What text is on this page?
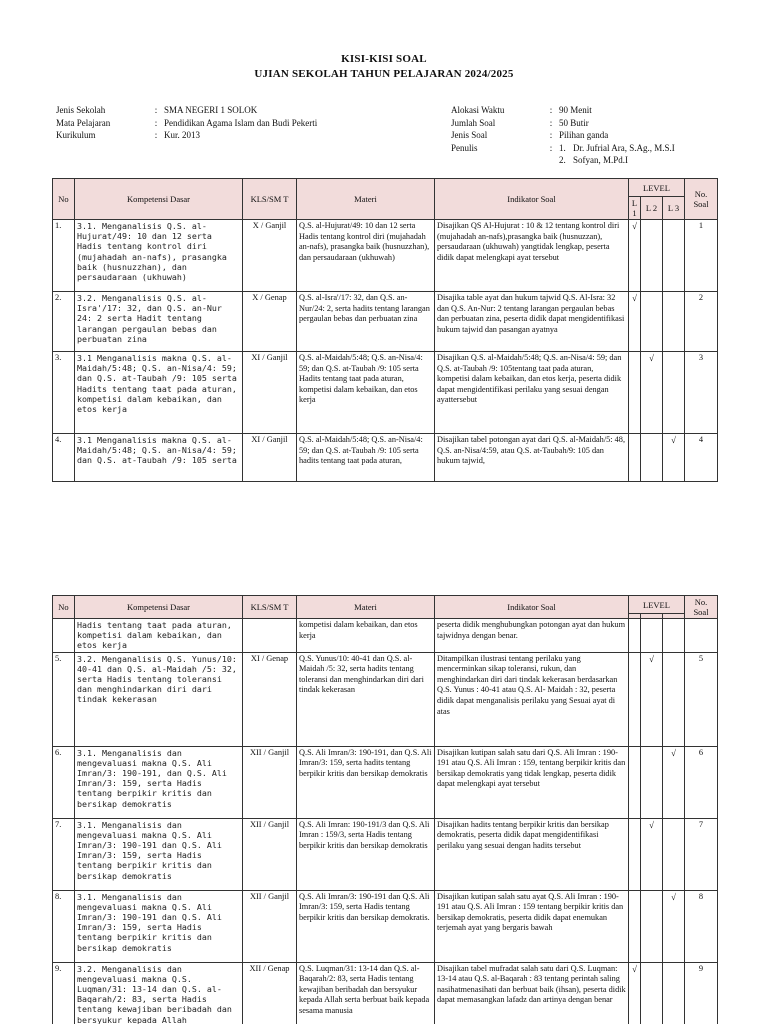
KISI-KISI SOAL
UJIAN SEKOLAH TAHUN PELAJARAN 2024/2025
Jenis Sekolah	:	SMA NEGERI 1 SOLOK
Mata Pelajaran	:	Pendidikan Agama Islam dan Budi Pekerti
Kurikulum	:	Kur. 2013
Alokasi Waktu	:	90 Menit
Jumlah Soal	:	50 Butir
Jenis Soal	:	Pilihan ganda
Penulis	:	1. Dr. Jufrial Ara, S.Ag., M.S.I
2. Sofyan, M.Pd.I
No	Kompetensi Dasar	KLS/SM T	Materi	Indikator Soal	LEVEL			No. Soal
					L 1	L 2	L 3	
1.	3.1. Menganalisis Q.S. al-Hujurat/49: 10 dan 12 serta Hadis tentang kontrol diri (mujahadah an-nafs), prasangka baik (husnuzzhan), dan persaudaraan (ukhuwah)	X / Ganjil	Q.S. al-Hujurat/49: 10 dan 12 serta Hadis tentang kontrol diri (mujahadah an-nafs), prasangka baik (husnuzzhan), dan persaudaraan (ukhuwah)	Disajikan QS Al-Hujurat : 10 & 12 tentang kontrol diri (mujahadah an-nafs),prasangka baik (husnuzzan), persaudaraan (ukhuwah) yangtidak lengkap, peserta didik dapat melengkapi ayat tersebut	√			1
2.	3.2. Menganalisis Q.S. al-Isra'/17: 32, dan Q.S. an-Nur 24: 2 serta Hadit tentang larangan pergaulan bebas dan perbuatan zina	X / Genap	Q.S. al-Isra'/17: 32, dan Q.S. an-Nur/24: 2, serta hadits tentang larangan pergaulan bebas dan perbuatan zina	Disajika table ayat dan hukum tajwid Q.S. Al-Isra: 32 dan Q.S. An-Nur: 2 tentang larangan pergaulan bebas dan perbuatan zina, peserta didik dapat mengidentifikasi hukum tajwid dan pasangan ayatnya	√			2
3.	3.1 Menganalisis makna Q.S. al-Maidah/5:48; Q.S. an-Nisa/4: 59; dan Q.S. at-Taubah /9: 105 serta Hadits tentang taat pada aturan, kompetisi dalam kebaikan, dan etos kerja	XI / Ganjil	Q.S. al-Maidah/5:48; Q.S. an-Nisa/4: 59; dan Q.S. at-Taubah /9: 105 serta Hadits tentang taat pada aturan, kompetisi dalam kebaikan, dan etos kerja	Disajikan Q.S. al-Maidah/5:48; Q.S. an-Nisa/4: 59; dan Q.S. at-Taubah /9: 105tentang taat pada aturan, kompetisi dalam kebaikan, dan etos kerja, peserta didik dapat mengidentifikasi perilaku yang sesuai dengan ayattersebut		√		3
4.	3.1 Menganalisis makna Q.S. al-Maidah/5:48; Q.S. an-Nisa/4: 59; dan Q.S. at-Taubah /9: 105 serta	XI / Ganjil	Q.S. al-Maidah/5:48; Q.S. an-Nisa/4: 59; dan Q.S. at-Taubah /9: 105 serta hadits tentang taat pada aturan,	Disajikan tabel potongan ayat dari Q.S. al-Maidah/5: 48, Q.S. an-Nisa/4:59, atau Q.S. at-Taubah/9: 105 dan hukum tajwid,			√	4
No	Kompetensi Dasar	KLS/SM T	Materi	Indikator Soal	LEVEL			No. Soal

	Hadis tentang taat pada aturan, kompetisi dalam kebaikan, dan etos kerja		kompetisi dalam kebaikan, dan etos kerja	peserta didik menghubungkan potongan ayat dan hukum tajwidnya dengan benar.				
5.	3.2. Menganalisis Q.S. Yunus/10: 40-41 dan Q.S. al-Maidah /5: 32, serta Hadis tentang toleransi dan menghindarkan diri dari tindak kekerasan	XI / Genap	Q.S. Yunus/10: 40-41 dan Q.S. al-Maidah /5: 32, serta hadits tentang toleransi dan menghindarkan diri dari tindak kekerasan	Ditampilkan ilustrasi tentang perilaku yang mencerminkan sikap toleransi, rukun, dan menghindarkan diri dari tindak kekerasan berdasarkan Q.S. Yunus : 40-41 atau Q.S. Al- Maidah : 32, peserta didik dapat menganalisis perilaku yang Sesuai ayat di atas		√		5
6.	3.1. Menganalisis dan mengevaluasi makna Q.S. Ali Imran/3: 190-191, dan Q.S. Ali Imran/3: 159, serta Hadis tentang berpikir kritis dan bersikap demokratis	XII / Ganjil	Q.S. Ali Imran/3: 190-191, dan Q.S. Ali Imran/3: 159, serta hadits tentang berpikir kritis dan bersikap demokratis	Disajikan kutipan salah satu dari Q.S. Ali Imran : 190-191 atau Q.S. Ali Imran : 159, tentang berpikir kritis dan bersikap demokratis yang tidak lengkap, peserta didik dapat melengkapi ayat tersebut			√	6
7.	3.1. Menganalisis dan mengevaluasi makna Q.S. Ali Imran/3: 190-191 dan Q.S. Ali Imran/3: 159, serta Hadis tentang berpikir kritis dan bersikap demokratis	XII / Ganjil	Q.S. Ali Imran: 190-191/3 dan Q.S. Ali Imran : 159/3, serta Hadis tentang berpikir kritis dan bersikap demokratis	Disajikan hadits tentang berpikir kritis dan bersikap demokratis, peserta didik dapat mengidentifikasi perilaku yang sesuai dengan hadits tersebut		√		7
8.	3.1. Menganalisis dan mengevaluasi makna Q.S. Ali Imran/3: 190-191 dan Q.S. Ali Imran/3: 159, serta Hadis tentang berpikir kritis dan bersikap demokratis	XII / Ganjil	Q.S. Ali Imran/3: 190-191 dan Q.S. Ali Imran/3: 159, serta Hadis tentang berpikir kritis dan bersikap demokratis.	Disajikan kutipan salah satu ayat Q.S. Ali Imran : 190-191 atau Q.S. Ali Imran : 159 tentang berpikir kritis dan bersikap demokratis, peserta didik dapat enemukan terjemah ayat yang bergaris bawah			√	8
9.	3.2. Menganalisis dan mengevaluasi makna Q.S. Luqman/31: 13-14 dan Q.S. al-Baqarah/2: 83, serta Hadis tentang kewajiban beribadah dan bersyukur kepada Allah	XII / Genap	Q.S. Luqman/31: 13-14 dan Q.S. al-Baqarah/2: 83, serta Hadis tentang kewajiban beribadah dan bersyukur kepada Allah serta berbuat baik kepada sesama manusia	Disajikan tabel mufradat salah satu dari Q.S. Luqman: 13-14 atau Q.S. al-Baqarah : 83 tentang perintah saling nasihatmenasihati dan berbuat baik (ihsan), peserta didik dapat memasangkan lafadz dan artinya dengan benar	√			9
